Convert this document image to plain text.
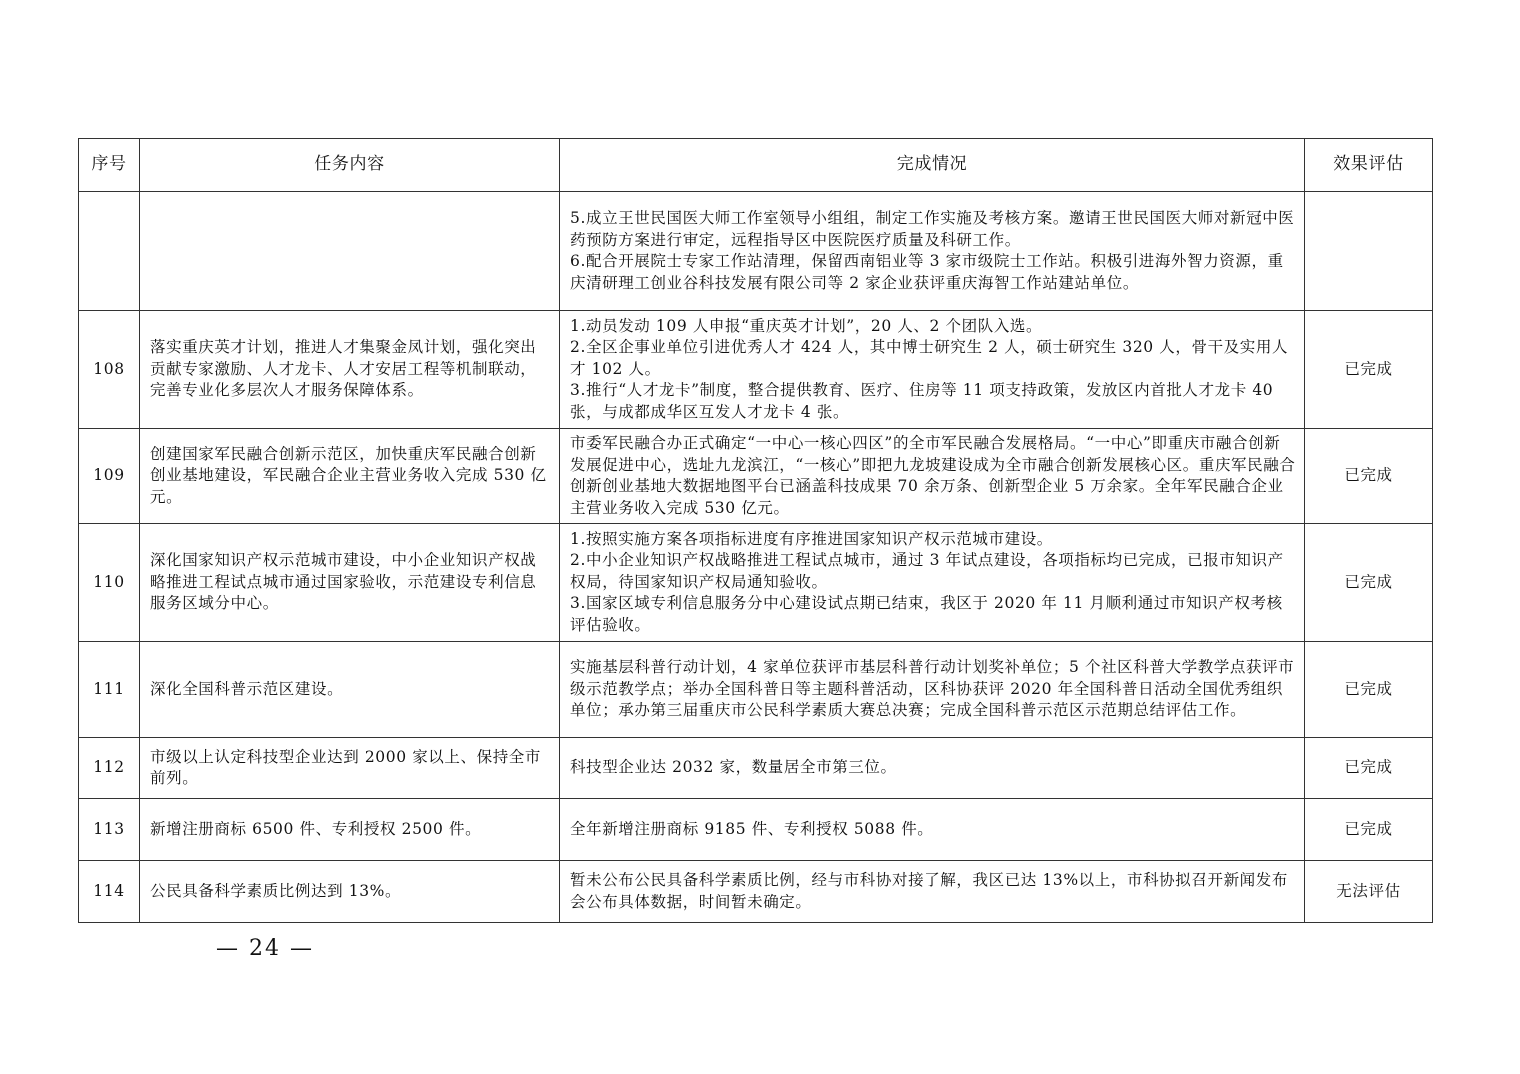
序号	任务内容	完成情况	效果评估

		5.成立王世民国医大师工作室领导小组组，制定工作实施及考核方案。邀请王世民国医大师对新冠中医药预防方案进行审定，远程指导区中医院医疗质量及科研工作。

6.配合开展院士专家工作站清理，保留西南铝业等 3 家市级院士工作站。积极引进海外智力资源，重庆清研理工创业谷科技发展有限公司等 2 家企业获评重庆海智工作站建站单位。	

108	落实重庆英才计划，推进人才集聚金凤计划，强化突出贡献专家激励、人才龙卡、人才安居工程等机制联动，完善专业化多层次人才服务保障体系。	1.动员发动 109 人申报“重庆英才计划”，20 人、2 个团队入选。

2.全区企事业单位引进优秀人才 424 人，其中博士研究生 2 人，硕士研究生 320 人，骨干及实用人才 102 人。

3.推行“人才龙卡”制度，整合提供教育、医疗、住房等 11 项支持政策，发放区内首批人才龙卡 40 张，与成都成华区互发人才龙卡 4 张。	已完成
109	创建国家军民融合创新示范区，加快重庆军民融合创新创业基地建设，军民融合企业主营业务收入完成 530 亿元。	市委军民融合办正式确定“一中心一核心四区”的全市军民融合发展格局。“一中心”即重庆市融合创新发展促进中心，选址九龙滨江，“一核心”即把九龙坡建设成为全市融合创新发展核心区。重庆军民融合创新创业基地大数据地图平台已涵盖科技成果 70 余万条、创新型企业 5 万余家。全年军民融合企业主营业务收入完成 530 亿元。	已完成
110	深化国家知识产权示范城市建设，中小企业知识产权战略推进工程试点城市通过国家验收，示范建设专利信息服务区域分中心。	1.按照实施方案各项指标进度有序推进国家知识产权示范城市建设。

2.中小企业知识产权战略推进工程试点城市，通过 3 年试点建设，各项指标均已完成，已报市知识产权局，待国家知识产权局通知验收。

3.国家区域专利信息服务分中心建设试点期已结束，我区于 2020 年 11 月顺利通过市知识产权考核评估验收。	已完成
111	深化全国科普示范区建设。	实施基层科普行动计划，4 家单位获评市基层科普行动计划奖补单位；5 个社区科普大学教学点获评市级示范教学点；举办全国科普日等主题科普活动，区科协获评 2020 年全国科普日活动全国优秀组织单位；承办第三届重庆市公民科学素质大赛总决赛；完成全国科普示范区示范期总结评估工作。	已完成
112	市级以上认定科技型企业达到 2000 家以上、保持全市前列。	科技型企业达 2032 家，数量居全市第三位。	已完成
113	新增注册商标 6500 件、专利授权 2500 件。	全年新增注册商标 9185 件、专利授权 5088 件。	已完成
114	公民具备科学素质比例达到 13%。	暂未公布公民具备科学素质比例，经与市科协对接了解，我区已达 13%以上，市科协拟召开新闻发布会公布具体数据，时间暂未确定。	无法评估
— 24 —
